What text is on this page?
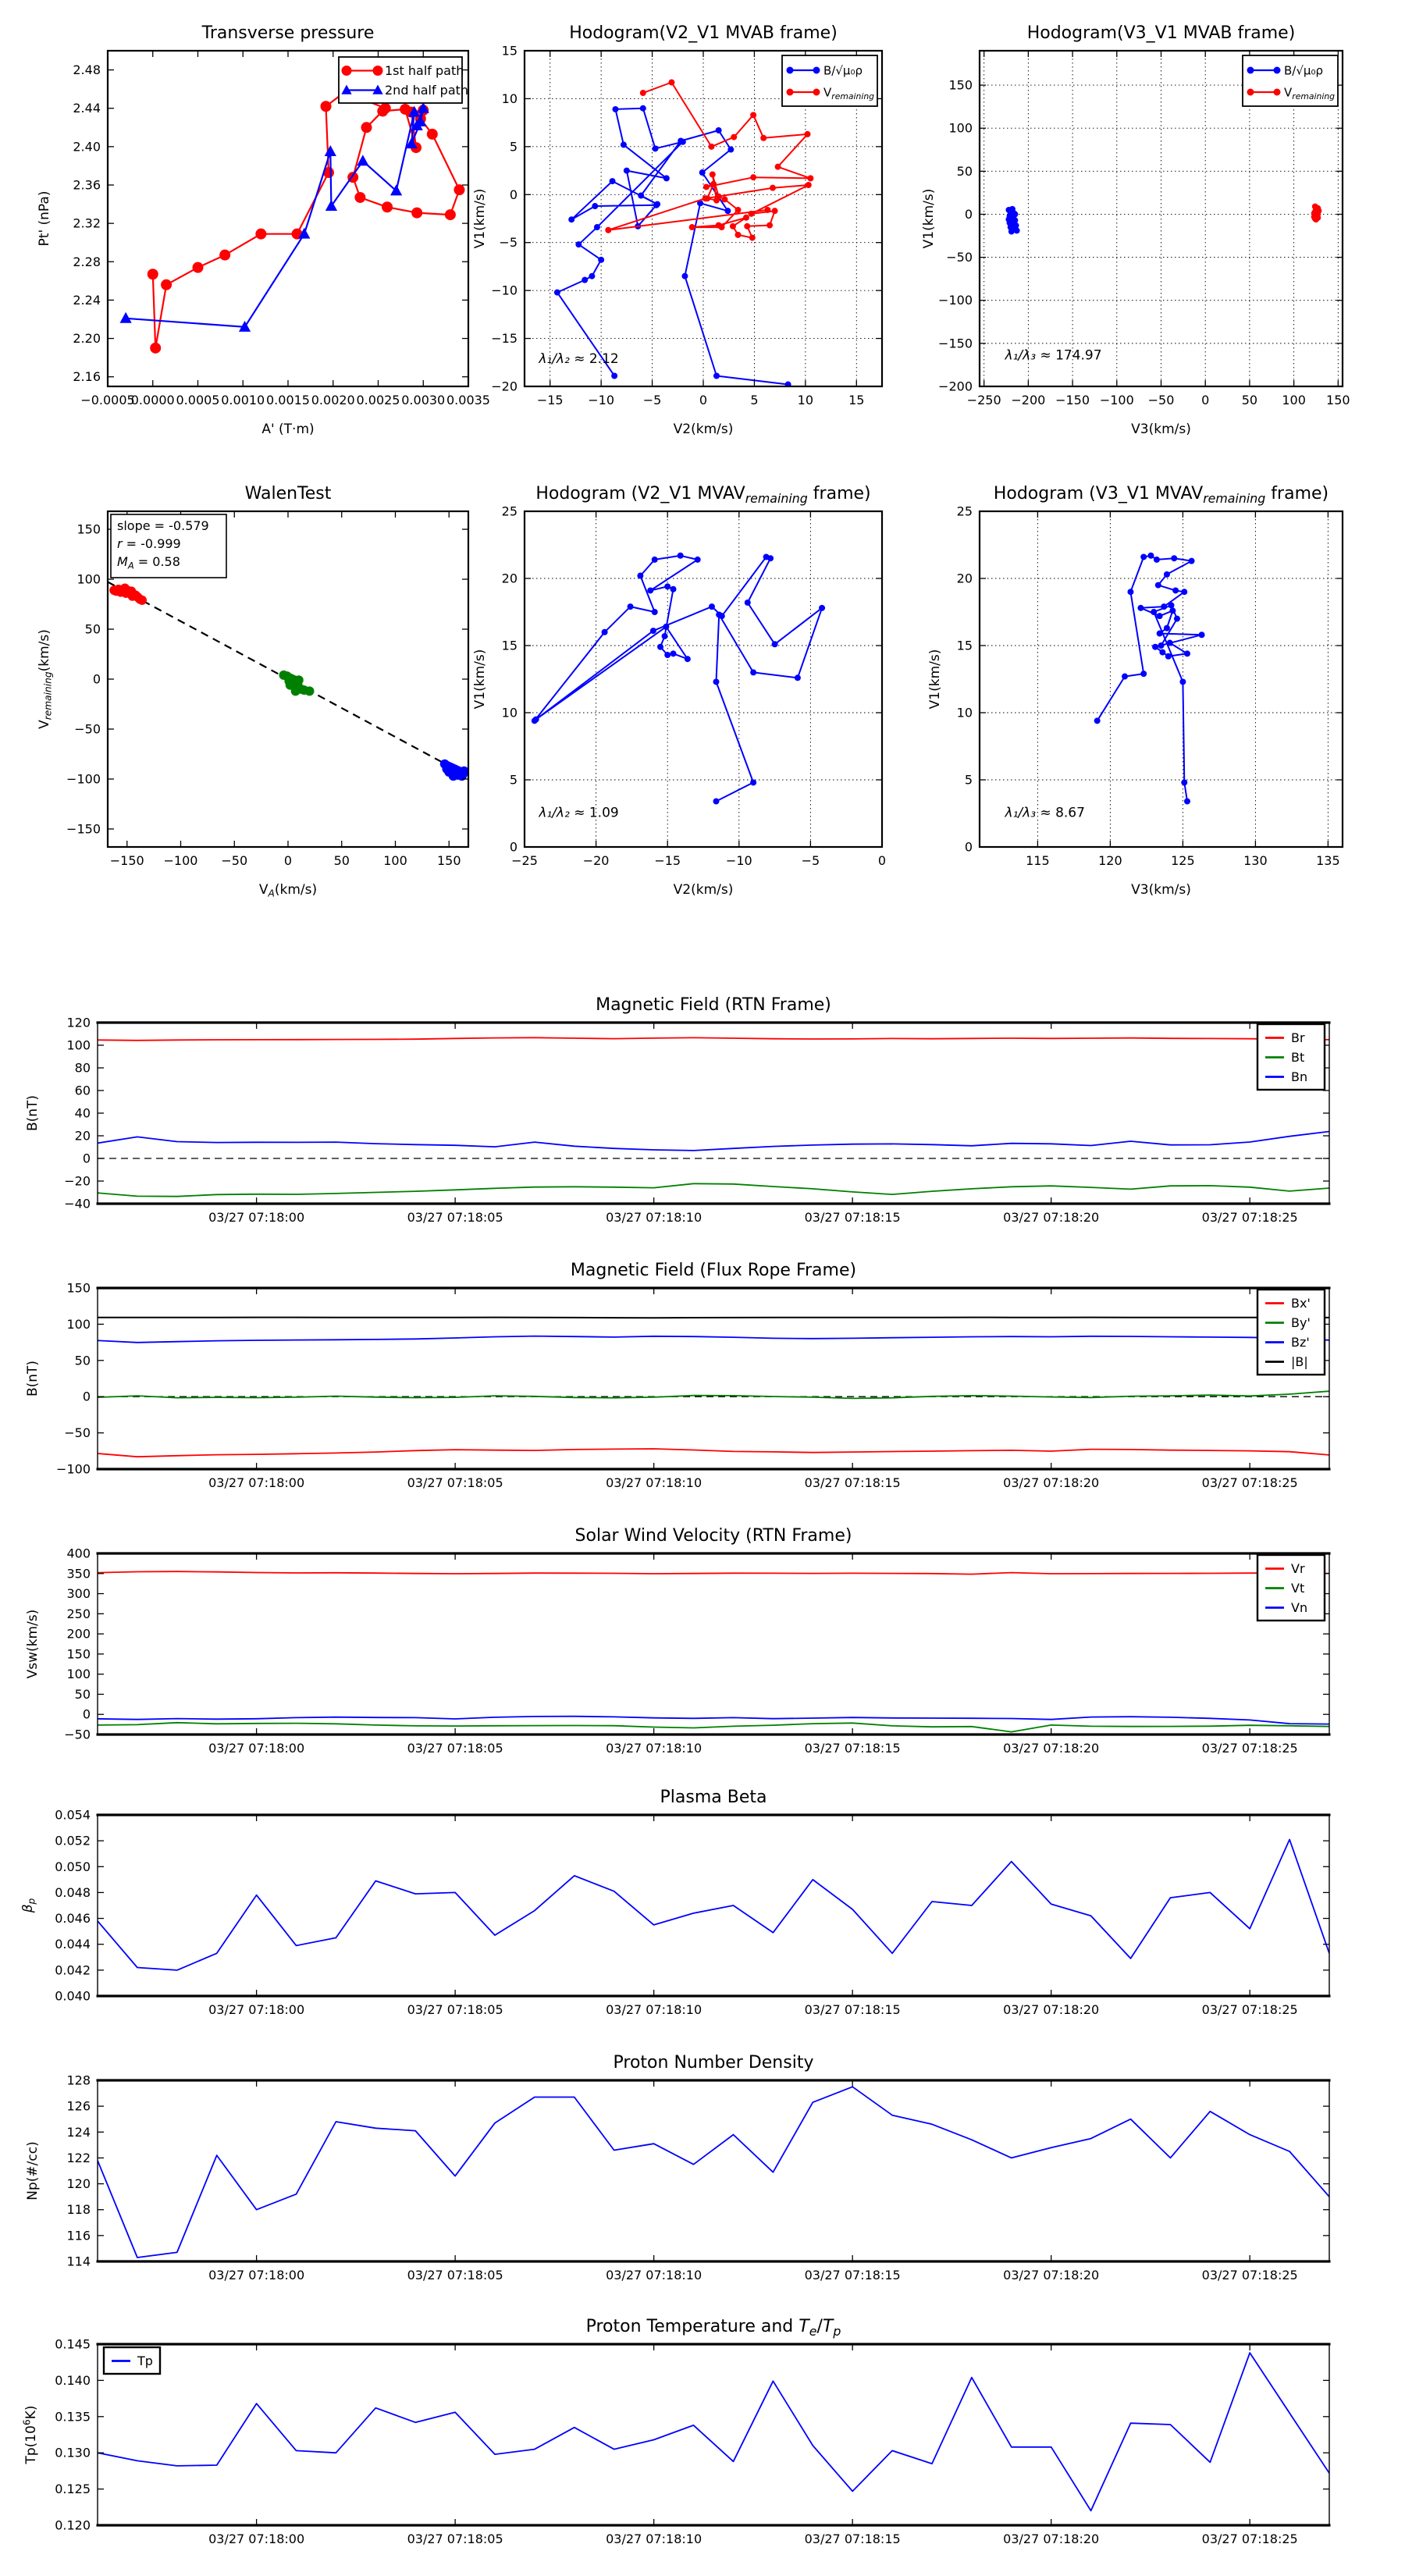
−0.0005
0.0000 0.0005 0.0010 0.0015 0.0020 0.0025 0.0030 0.0035
2.16
2.20
2.24
2.28
2.32
2.36
2.40
2.44
2.48
Transverse pressure
A' (T·m)
Pt' (nPa)
1st half path
2nd half path
−15 −10 −5	0	5	10	15
−20
−15
−10
−5
0
5
10
15
Hodogram(V2_V1 MVAB frame)
V2(km/s)
V1(km/s)
λ₁/λ₂ ≈ 2.12
B/√μ₀ρ
$V_{remaining}$
−250 −200 −150 −100 −50 0	50 100 150
−200
−150
−100
−50
0
50
100
150
Hodogram(V3_V1 MVAB frame)
V3(km/s)
V1(km/s)
λ₁/λ₃ ≈ 174.97
B/√μ₀ρ
$V_{remaining}$
−150 −100 −50	0	50	100 150
−150
−100
−50
0
50
100
150
WalenTest
$V_A(km/s)$
$V_{remaining}(km/s)$
slope = -0.579
r = -0.999
$M_A = 0.58$
−25	−20	−15	−10	−5	0
0
5
10
15
20
25
Hodogram (V2_V1 $MVAV_{remaining}$ frame)
V2(km/s)
V1(km/s)
λ₁/λ₂ ≈ 1.09
115	120	125	130	135
0
5
10
15
20
25
Hodogram (V3_V1 $MVAV_{remaining}$ frame)
V3(km/s)
V1(km/s)
λ₁/λ₃ ≈ 8.67
03/27 07:18:00	03/27 07:18:05	03/27 07:18:10	03/27 07:18:15	03/27 07:18:20	03/27 07:18:25
−40
−20
0
20
40
60
80
100
120
Magnetic Field (RTN Frame)
B(nT)
Br
Bt
Bn
03/27 07:18:00	03/27 07:18:05	03/27 07:18:10	03/27 07:18:15	03/27 07:18:20	03/27 07:18:25
−100
−50
0
50
100
150
Magnetic Field (Flux Rope Frame)
B(nT)
Bx'
By'
Bz'
|B|
03/27 07:18:00	03/27 07:18:05	03/27 07:18:10	03/27 07:18:15	03/27 07:18:20	03/27 07:18:25
−50
0
50
100
150
200
250
300
350
400
Solar Wind Velocity (RTN Frame)
Vsw(km/s)
Vr
Vt
Vn
03/27 07:18:00	03/27 07:18:05	03/27 07:18:10	03/27 07:18:15	03/27 07:18:20	03/27 07:18:25
0.040
0.042
0.044
0.046
0.048
0.050
0.052
0.054
Plasma Beta
$\beta_p$
03/27 07:18:00	03/27 07:18:05	03/27 07:18:10	03/27 07:18:15	03/27 07:18:20	03/27 07:18:25
114
116
118
120
122
124
126
128
Proton Number Density
Np(#/cc)
03/27 07:18:00	03/27 07:18:05	03/27 07:18:10	03/27 07:18:15	03/27 07:18:20	03/27 07:18:25
0.120
0.125
0.130
0.135
0.140
0.145
Proton Temperature and $T_e/T_p$
$Tp(10^6K)$
Tp
